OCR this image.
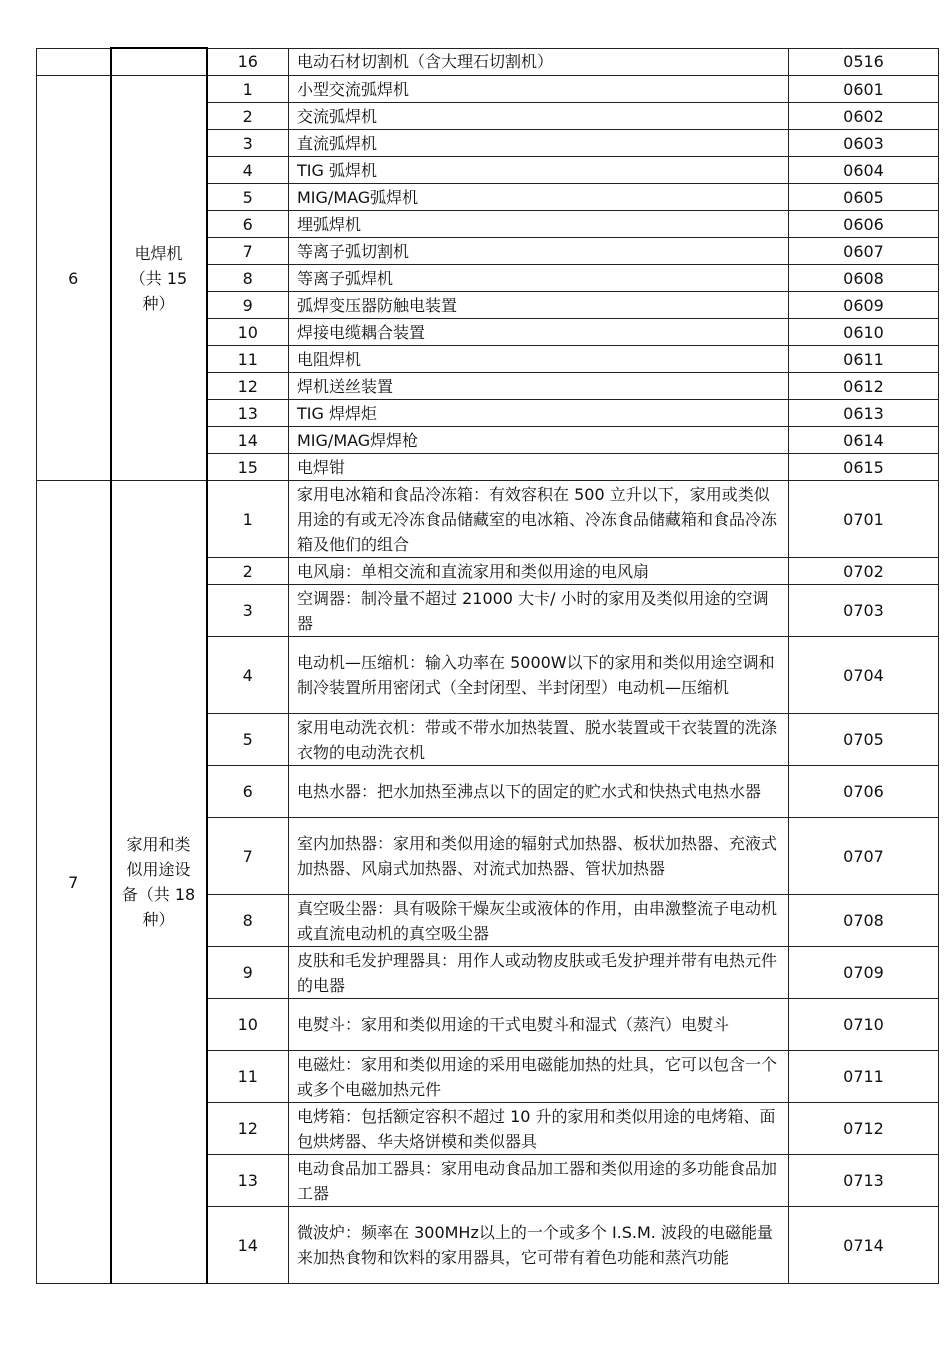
		16	电动石材切割机（含大理石切割机）	0516
6	电焊机（共 15 种）	1	小型交流弧焊机	0601
		2	交流弧焊机	0602
		3	直流弧焊机	0603
		4	TIG 弧焊机	0604
		5	MIG/MAG弧焊机	0605
		6	埋弧焊机	0606
		7	等离子弧切割机	0607
		8	等离子弧焊机	0608
		9	弧焊变压器防触电装置	0609
		10	焊接电缆耦合装置	0610
		11	电阻焊机	0611
		12	焊机送丝装置	0612
		13	TIG 焊焊炬	0613
		14	MIG/MAG焊焊枪	0614
		15	电焊钳	0615
7	家用和类似用途设备（共 18 种）	1	家用电冰箱和食品冷冻箱：有效容积在 500 立升以下，家用或类似用途的有或无冷冻食品储藏室的电冰箱、冷冻食品储藏箱和食品冷冻箱及他们的组合	0701
		2	电风扇：单相交流和直流家用和类似用途的电风扇	0702
		3	空调器：制冷量不超过 21000 大卡/ 小时的家用及类似用途的空调器	0703
		4	电动机—压缩机：输入功率在 5000W以下的家用和类似用途空调和制冷装置所用密闭式（全封闭型、半封闭型）电动机—压缩机	0704
		5	家用电动洗衣机：带或不带水加热装置、脱水装置或干衣装置的洗涤衣物的电动洗衣机	0705
		6	电热水器：把水加热至沸点以下的固定的贮水式和快热式电热水器	0706
		7	室内加热器：家用和类似用途的辐射式加热器、板状加热器、充液式加热器、风扇式加热器、对流式加热器、管状加热器	0707
		8	真空吸尘器：具有吸除干燥灰尘或液体的作用，由串激整流子电动机或直流电动机的真空吸尘器	0708
		9	皮肤和毛发护理器具：用作人或动物皮肤或毛发护理并带有电热元件的电器	0709
		10	电熨斗：家用和类似用途的干式电熨斗和湿式（蒸汽）电熨斗	0710
		11	电磁灶：家用和类似用途的采用电磁能加热的灶具，它可以包含一个或多个电磁加热元件	0711
		12	电烤箱：包括额定容积不超过 10 升的家用和类似用途的电烤箱、面包烘烤器、华夫烙饼模和类似器具	0712
		13	电动食品加工器具：家用电动食品加工器和类似用途的多功能食品加工器	0713
		14	微波炉：频率在 300MHz以上的一个或多个 I.S.M. 波段的电磁能量来加热食物和饮料的家用器具，它可带有着色功能和蒸汽功能	0714
